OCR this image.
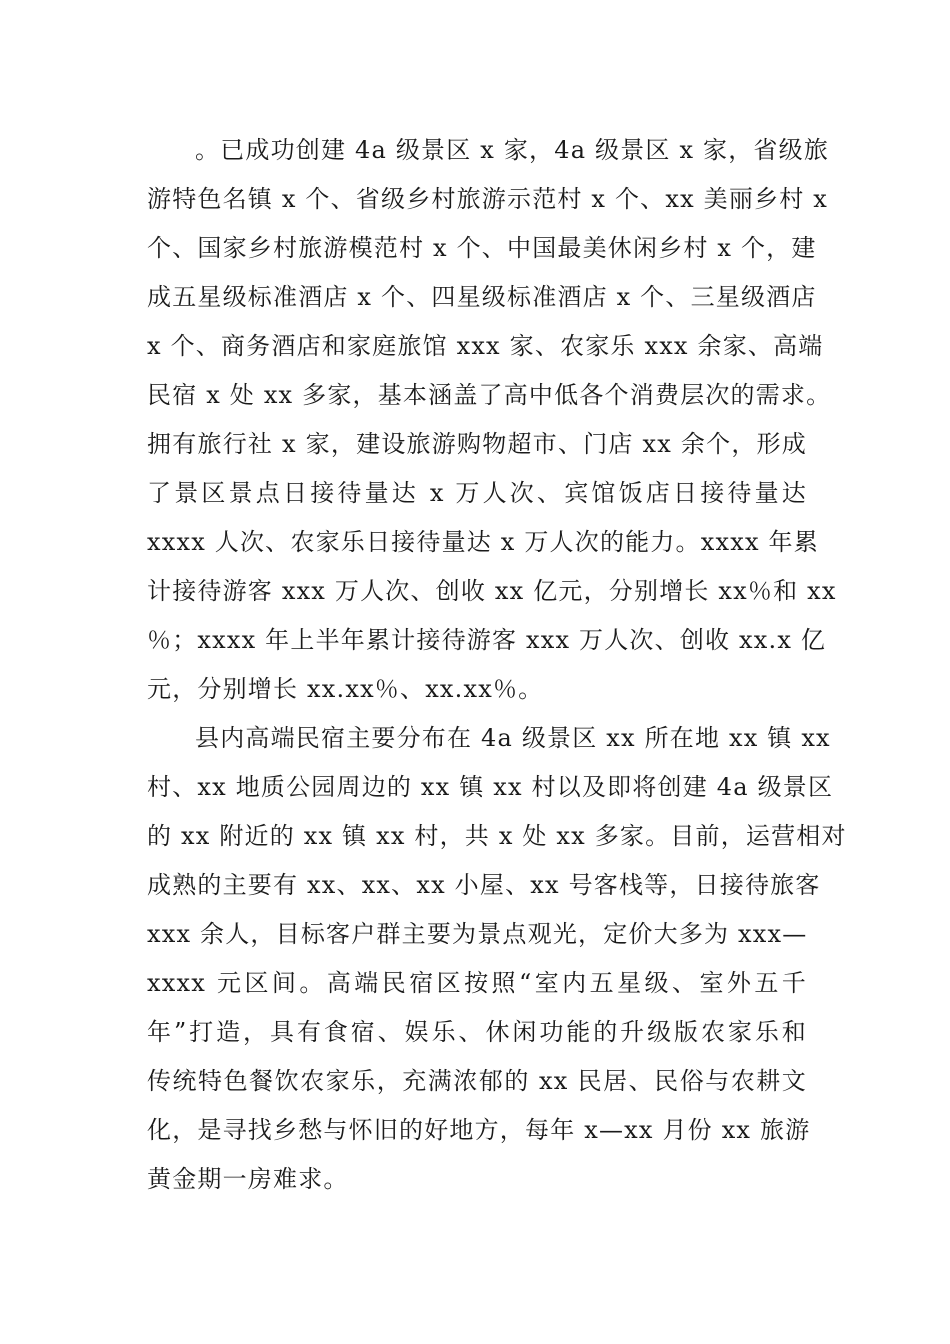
。已成功创建 4a 级景区 x 家，4a 级景区 x 家，省级旅
游特色名镇 x 个、省级乡村旅游示范村 x 个、xx 美丽乡村 x
个、国家乡村旅游模范村 x 个、中国最美休闲乡村 x 个，建
成五星级标准酒店 x 个、四星级标准酒店 x 个、三星级酒店
x 个、商务酒店和家庭旅馆 xxx 家、农家乐 xxx 余家、高端
民宿 x 处 xx 多家，基本涵盖了高中低各个消费层次的需求。
拥有旅行社 x 家，建设旅游购物超市、门店 xx 余个，形成
了景区景点日接待量达 x 万人次、宾馆饭店日接待量达
xxxx 人次、农家乐日接待量达 x 万人次的能力。xxxx 年累
计接待游客 xxx 万人次、创收 xx 亿元，分别增长 xx％和 xx
％；xxxx 年上半年累计接待游客 xxx 万人次、创收 xx.x 亿
元，分别增长 xx.xx％、xx.xx％。

县内高端民宿主要分布在 4a 级景区 xx 所在地 xx 镇 xx
村、xx 地质公园周边的 xx 镇 xx 村以及即将创建 4a 级景区
的 xx 附近的 xx 镇 xx 村，共 x 处 xx 多家。目前，运营相对
成熟的主要有 xx、xx、xx 小屋、xx 号客栈等，日接待旅客
xxx 余人，目标客户群主要为景点观光，定价大多为 xxx—
xxxx 元区间。高端民宿区按照“室内五星级、室外五千
年”打造，具有食宿、娱乐、休闲功能的升级版农家乐和
传统特色餐饮农家乐，充满浓郁的 xx 民居、民俗与农耕文
化，是寻找乡愁与怀旧的好地方，每年 x—xx 月份 xx 旅游
黄金期一房难求。
